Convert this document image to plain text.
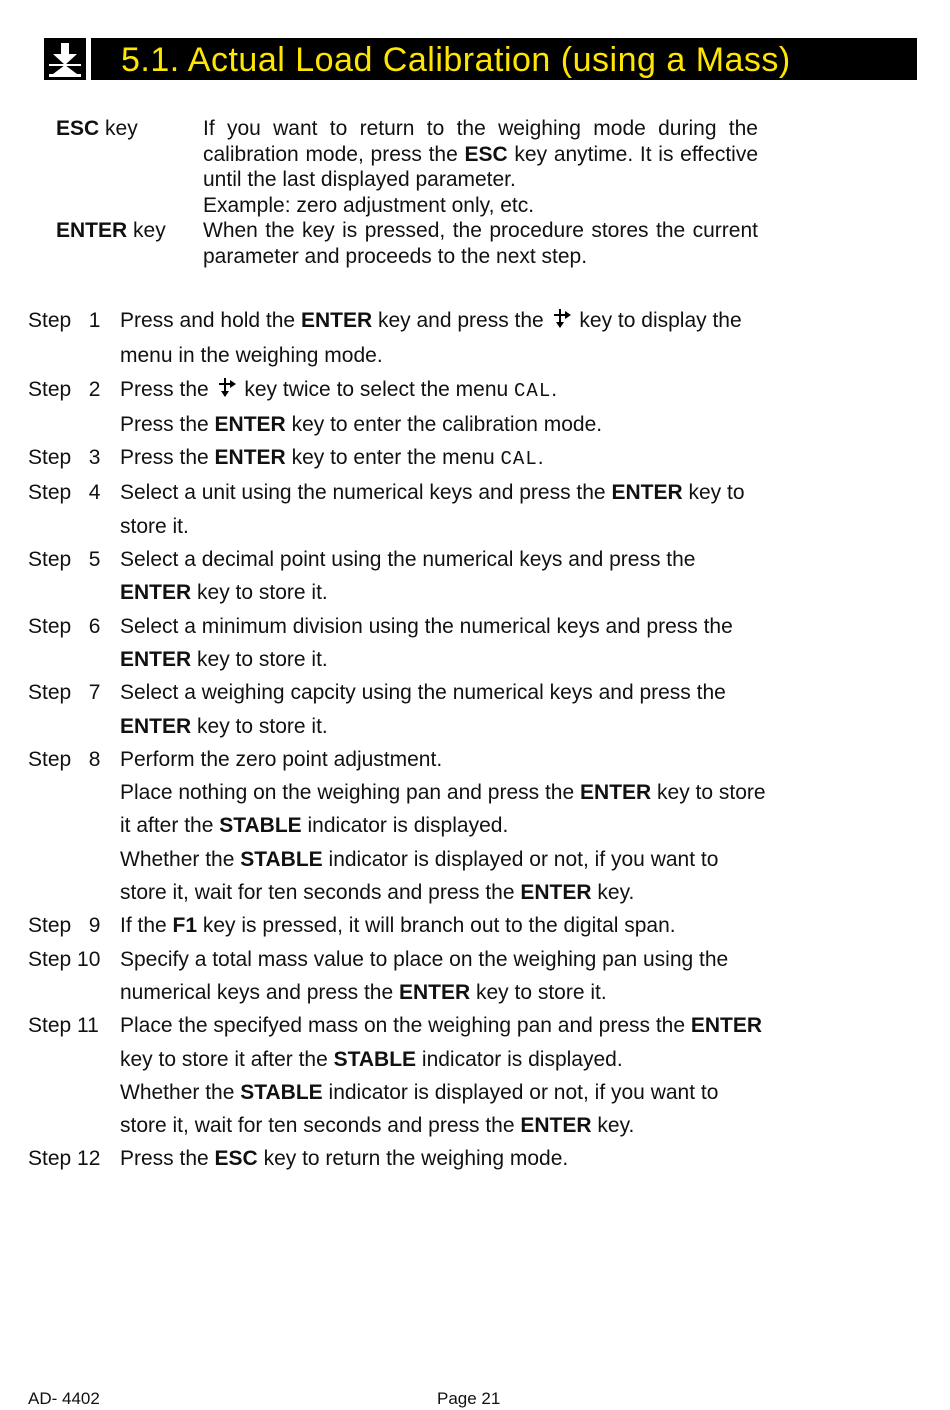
5.1. Actual Load Calibration (using a Mass)
ESC key	If you want to return to the weighing mode during the calibration mode, press the ESC key anytime. It is effective until the last displayed parameter.

Example: zero adjustment only, etc.

ENTER key	When the key is pressed, the procedure stores the current parameter and proceeds to the next step.

Step   1 Press and hold the ENTER key and press the  key to display the menu in the weighing mode.

Step   2 Press the  key twice to select the menu CAL.

Press the ENTER key to enter the calibration mode.

Step   3 Press the ENTER key to enter the menu CAL.

Step   4 Select a unit using the numerical keys and press the ENTER key to store it.

Step   5 Select a decimal point using the numerical keys and press the ENTER key to store it.

Step   6 Select a minimum division using the numerical keys and press the ENTER key to store it.

Step   7 Select a weighing capcity using the numerical keys and press the ENTER key to store it.

Step   8 Perform the zero point adjustment.

Place nothing on the weighing pan and press the ENTER key to store it after the STABLE indicator is displayed.

Whether the STABLE indicator is displayed or not, if you want to store it, wait for ten seconds and press the ENTER key.

Step   9 If the F1 key is pressed, it will branch out to the digital span.

Step 10 Specify a total mass value to place on the weighing pan using the numerical keys and press the ENTER key to store it.

Step 11	Place the specifyed mass on the weighing pan and press the ENTER key to store it after the STABLE indicator is displayed.

Whether the STABLE indicator is displayed or not, if you want to store it, wait for ten seconds and press the ENTER key.

Step 12 Press the ESC key to return the weighing mode.

AD- 4402	Page 21
